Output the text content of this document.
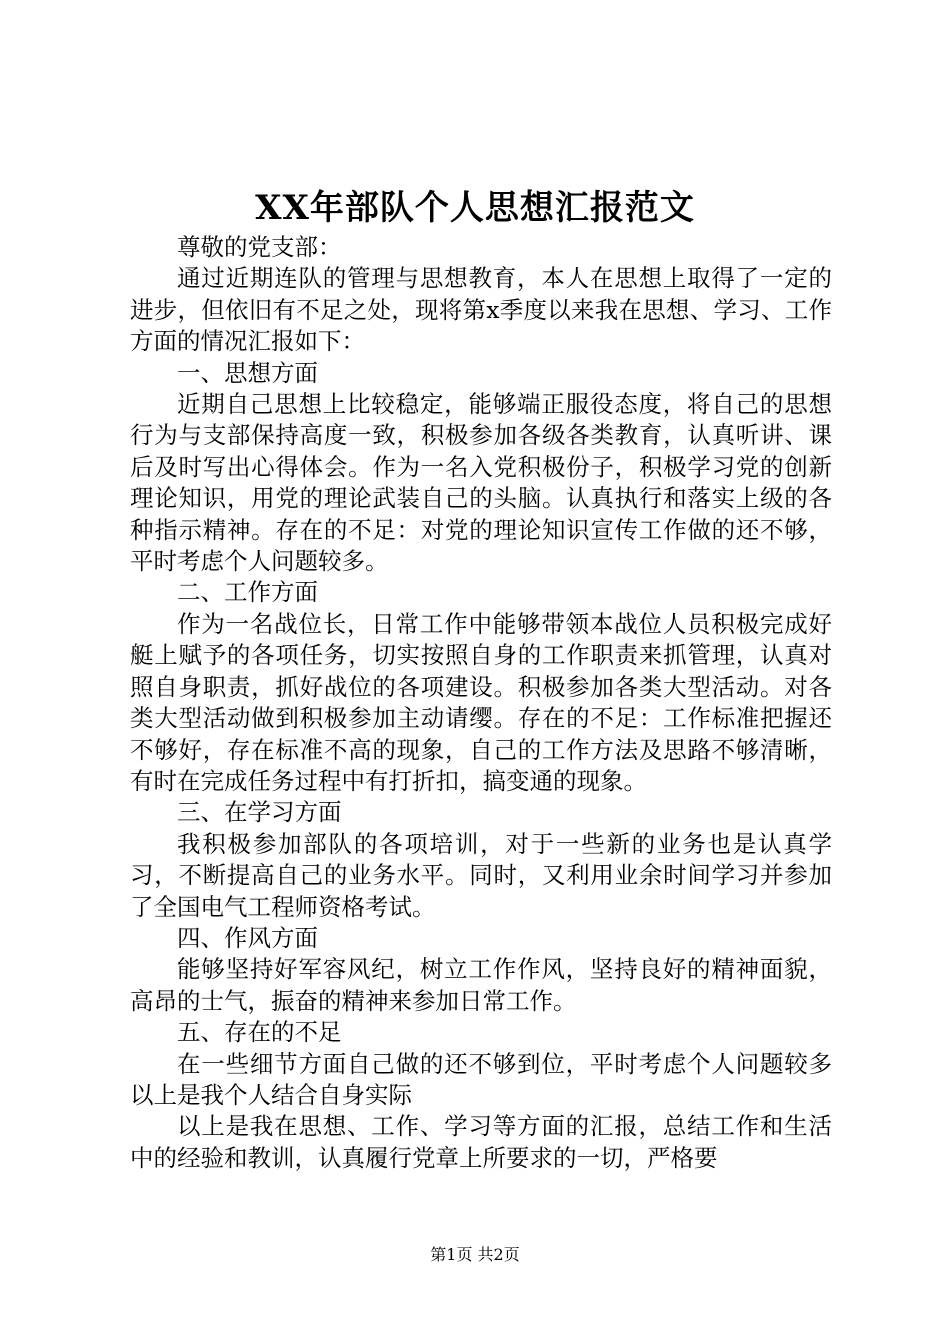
XX年部队个人思想汇报范文

尊敬的党支部：

通过近期连队的管理与思想教育，本人在思想上取得了一定的进步，但依旧有不足之处，现将第x季度以来我在思想、学习、工作方面的情况汇报如下：

一、思想方面

近期自己思想上比较稳定，能够端正服役态度，将自己的思想行为与支部保持高度一致，积极参加各级各类教育，认真听讲、课后及时写出心得体会。作为一名入党积极份子，积极学习党的创新理论知识，用党的理论武装自己的头脑。认真执行和落实上级的各种指示精神。存在的不足：对党的理论知识宣传工作做的还不够，平时考虑个人问题较多。

二、工作方面

作为一名战位长，日常工作中能够带领本战位人员积极完成好艇上赋予的各项任务，切实按照自身的工作职责来抓管理，认真对照自身职责，抓好战位的各项建设。积极参加各类大型活动。对各类大型活动做到积极参加主动请缨。存在的不足：工作标准把握还不够好，存在标准不高的现象，自己的工作方法及思路不够清晰，有时在完成任务过程中有打折扣，搞变通的现象。

三、在学习方面

我积极参加部队的各项培训，对于一些新的业务也是认真学习，不断提高自己的业务水平。同时，又利用业余时间学习并参加了全国电气工程师资格考试。

四、作风方面

能够坚持好军容风纪，树立工作作风，坚持良好的精神面貌，高昂的士气，振奋的精神来参加日常工作。

五、存在的不足

在一些细节方面自己做的还不够到位，平时考虑个人问题较多以上是我个人结合自身实际

以上是我在思想、工作、学习等方面的汇报，总结工作和生活中的经验和教训，认真履行党章上所要求的一切，严格要

第1页 共2页
